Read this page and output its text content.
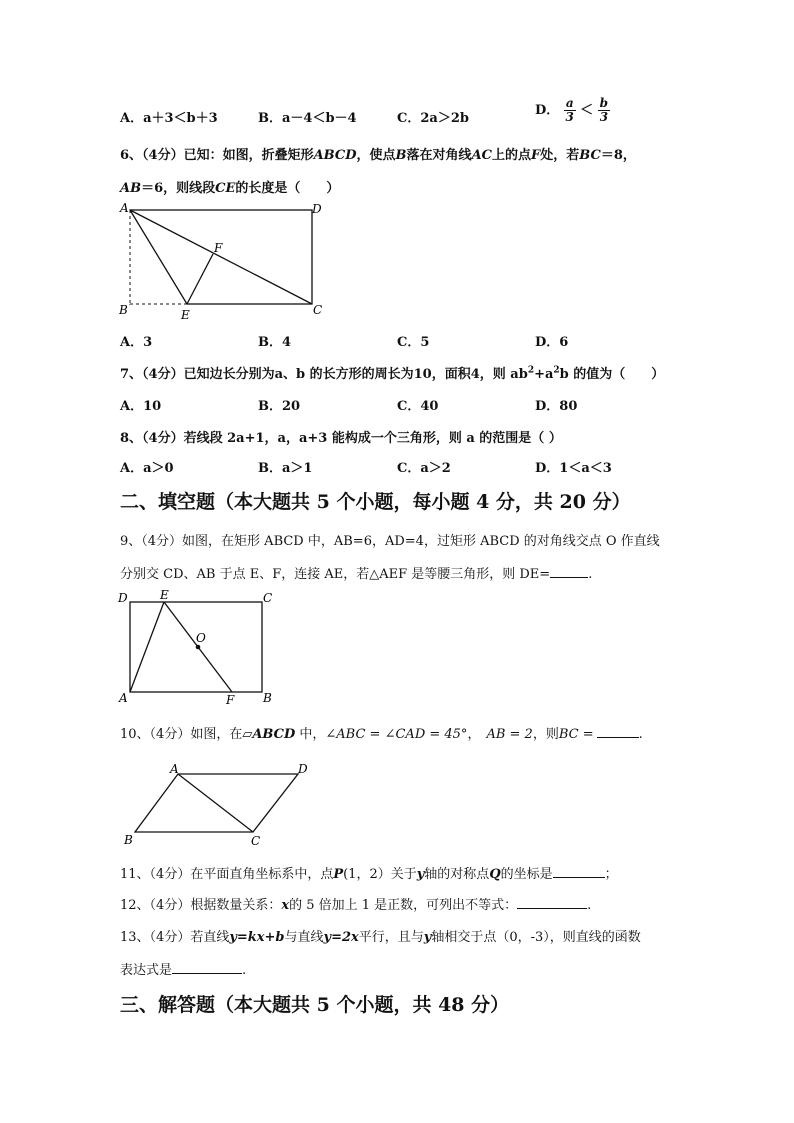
A．a＋3＜b＋3	B．a－4＜b－4	C．2a＞2b
D． $\frac{a}{3} < \frac{b}{3}$
6、（4分）已知：如图，折叠矩形ABCD，使点B落在对角线AC上的点F处，若BC＝8，
AB＝6，则线段CE的长度是（　　）
A	D
F
B	E	C
A．3	B．4	C．5	D．6
7、（4分）已知边长分别为a、b 的长方形的周长为10，面积4，则 $ab^2+a^2b$ 的值为（　　）
A．10	B．20	C．40	D．80
8、（4分）若线段 2a+1，a，a+3 能构成一个三角形，则 a 的范围是（ ）
A．a＞0	B．a＞1	C．a＞2	D．1＜a＜3
二、填空题（本大题共 5 个小题，每小题 4 分，共 20 分）
9、（4分）如图，在矩形 ABCD 中，AB=6，AD=4，过矩形 ABCD 的对角线交点 O 作直线
分别交 CD、AB 于点 E、F，连接 AE，若△AEF 是等腰三角形，则 DE=	.
D	E	C
O
A	F B
10、（4分）如图，在▱ABCD 中，∠ABC = ∠CAD = 45°， AB = 2，则BC =	.
A	D
B	C
11、（4分）在平面直角坐标系中，点P(1，2）关于y轴的对称点Q的坐标是	；
12、（4分）根据数量关系：x的 5 倍加上 1 是正数，可列出不等式：	.
13、（4分）若直线y=kx+b与直线y=2x平行，且与y轴相交于点（0，-3），则直线的函数
表达式是	.
三、解答题（本大题共 5 个小题，共 48 分）
